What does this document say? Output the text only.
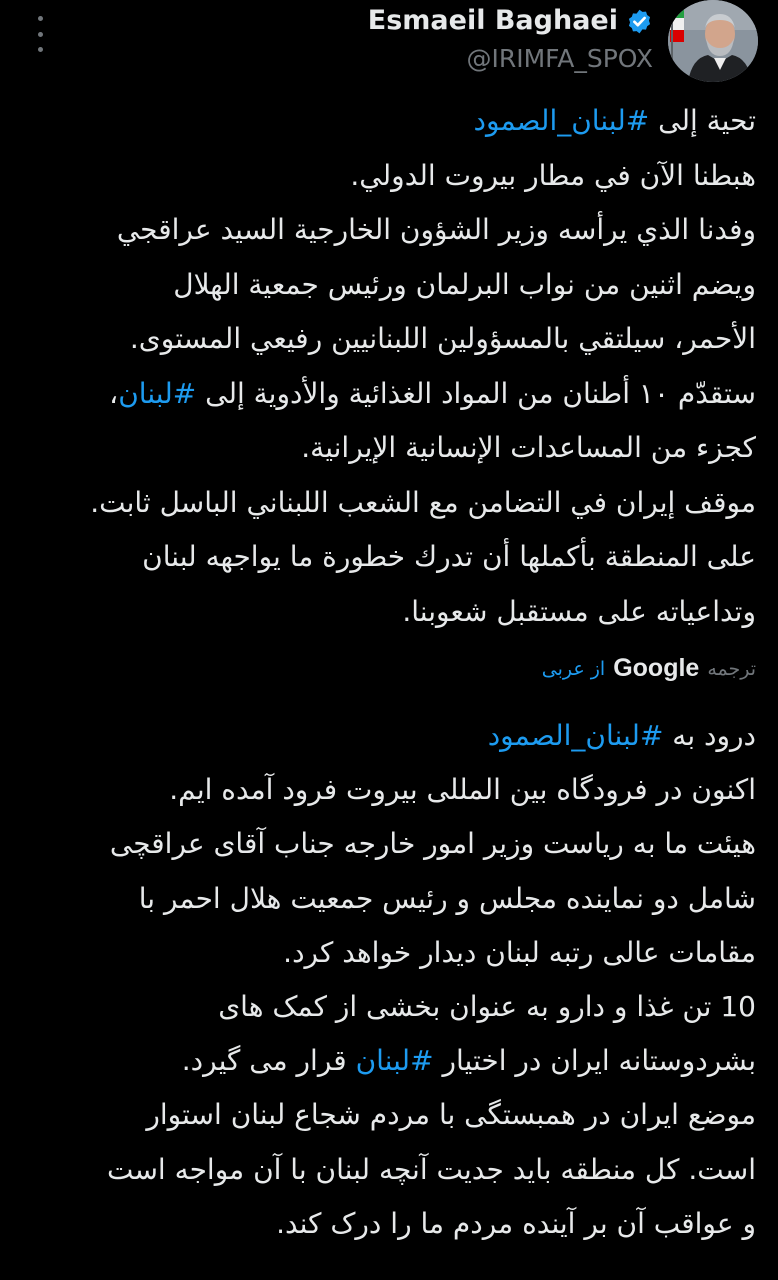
Esmaeil Baghaei
@IRIMFA_SPOX

تحية إلى #لبنان_الصمود

هبطنا الآن في مطار بيروت الدولي.

وفدنا الذي يرأسه وزير الشؤون الخارجية السيد عراقجي

ويضم اثنين من نواب البرلمان ورئيس جمعية الهلال

الأحمر، سيلتقي بالمسؤولين اللبنانيين رفيعي المستوى.

ستقدّم ١٠ أطنان من المواد الغذائية والأدوية إلى #لبنان،

كجزء من المساعدات الإنسانية الإيرانية.

موقف إيران في التضامن مع الشعب اللبناني الباسل ثابت.

على المنطقة بأكملها أن تدرك خطورة ما يواجهه لبنان

وتداعياته على مستقبل شعوبنا.

ترجمه
Google
از عربی

درود به #لبنان_الصمود

اکنون در فرودگاه بین المللی بیروت فرود آمده ایم.

هیئت ما به ریاست وزیر امور خارجه جناب آقای عراقچی

شامل دو نماینده مجلس و رئیس جمعیت هلال احمر با

مقامات عالی رتبه لبنان دیدار خواهد کرد.

10 تن غذا و دارو به عنوان بخشی از کمک های

بشردوستانه ایران در اختیار #لبنان قرار می گیرد.

موضع ایران در همبستگی با مردم شجاع لبنان استوار

است. کل منطقه باید جدیت آنچه لبنان با آن مواجه است

و عواقب آن بر آینده مردم ما را درک کند.
